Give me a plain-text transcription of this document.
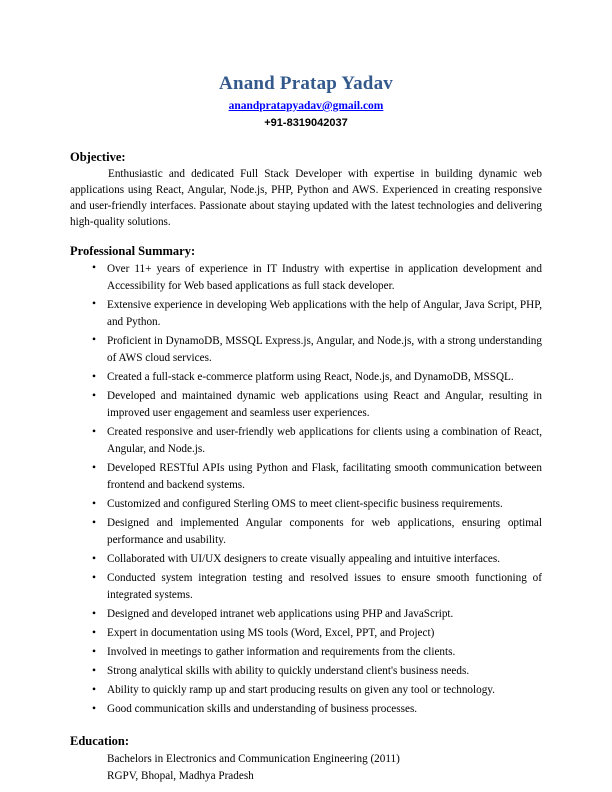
Anand Pratap Yadav
anandpratapyadav@gmail.com
+91-8319042037
Objective:

Enthusiastic and dedicated Full Stack Developer with expertise in building dynamic web applications using React, Angular, Node.js, PHP, Python and AWS. Experienced in creating responsive and user-friendly interfaces. Passionate about staying updated with the latest technologies and delivering high-quality solutions.

Professional Summary:
• Over 11+ years of experience in IT Industry with expertise in application development and Accessibility for Web based applications as full stack developer.
• Extensive experience in developing Web applications with the help of Angular, Java Script, PHP, and Python.
• Proficient in DynamoDB, MSSQL Express.js, Angular, and Node.js, with a strong understanding of AWS cloud services.
• Created a full-stack e-commerce platform using React, Node.js, and DynamoDB, MSSQL.
• Developed and maintained dynamic web applications using React and Angular, resulting in improved user engagement and seamless user experiences.
• Created responsive and user-friendly web applications for clients using a combination of React, Angular, and Node.js.
• Developed RESTful APIs using Python and Flask, facilitating smooth communication between frontend and backend systems.
• Customized and configured Sterling OMS to meet client-specific business requirements.
• Designed and implemented Angular components for web applications, ensuring optimal performance and usability.
• Collaborated with UI/UX designers to create visually appealing and intuitive interfaces.
• Conducted system integration testing and resolved issues to ensure smooth functioning of integrated systems.
• Designed and developed intranet web applications using PHP and JavaScript.
• Expert in documentation using MS tools (Word, Excel, PPT, and Project)
• Involved in meetings to gather information and requirements from the clients.
• Strong analytical skills with ability to quickly understand client's business needs.
• Ability to quickly ramp up and start producing results on given any tool or technology.
• Good communication skills and understanding of business processes.
Education:
Bachelors in Electronics and Communication Engineering (2011)
RGPV, Bhopal, Madhya Pradesh
